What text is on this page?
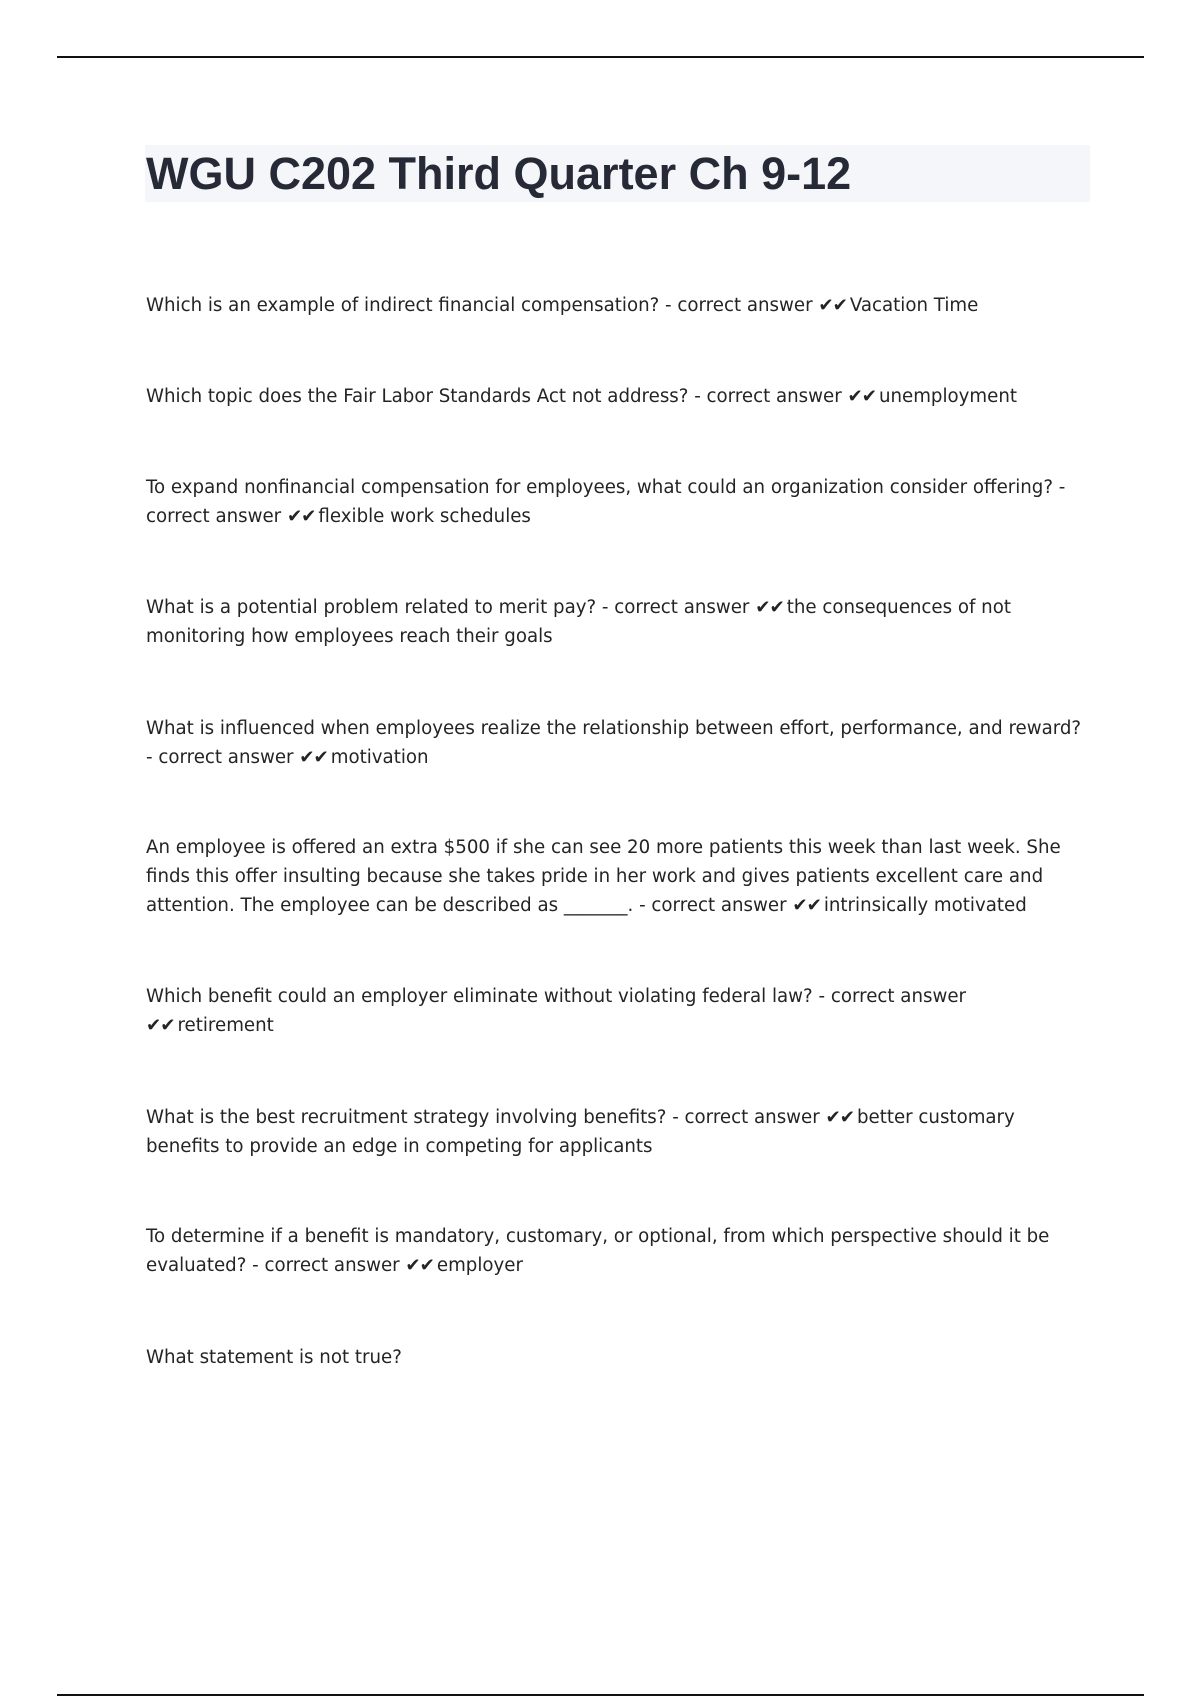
WGU C202 Third Quarter Ch 9-12

Which is an example of indirect financial compensation? - correct answer ✔✔ Vacation Time

Which topic does the Fair Labor Standards Act not address? - correct answer ✔✔ unemployment

To expand nonfinancial compensation for employees, what could an organization consider offering? - correct answer ✔✔ flexible work schedules

What is a potential problem related to merit pay? - correct answer ✔✔ the consequences of not monitoring how employees reach their goals

What is influenced when employees realize the relationship between effort, performance, and reward? - correct answer ✔✔ motivation

An employee is offered an extra $500 if she can see 20 more patients this week than last week. She finds this offer insulting because she takes pride in her work and gives patients excellent care and attention. The employee can be described as _______. - correct answer ✔✔ intrinsically motivated

Which benefit could an employer eliminate without violating federal law? - correct answer ✔✔ retirement

What is the best recruitment strategy involving benefits? - correct answer ✔✔ better customary benefits to provide an edge in competing for applicants

To determine if a benefit is mandatory, customary, or optional, from which perspective should it be evaluated? - correct answer ✔✔ employer

What statement is not true?
